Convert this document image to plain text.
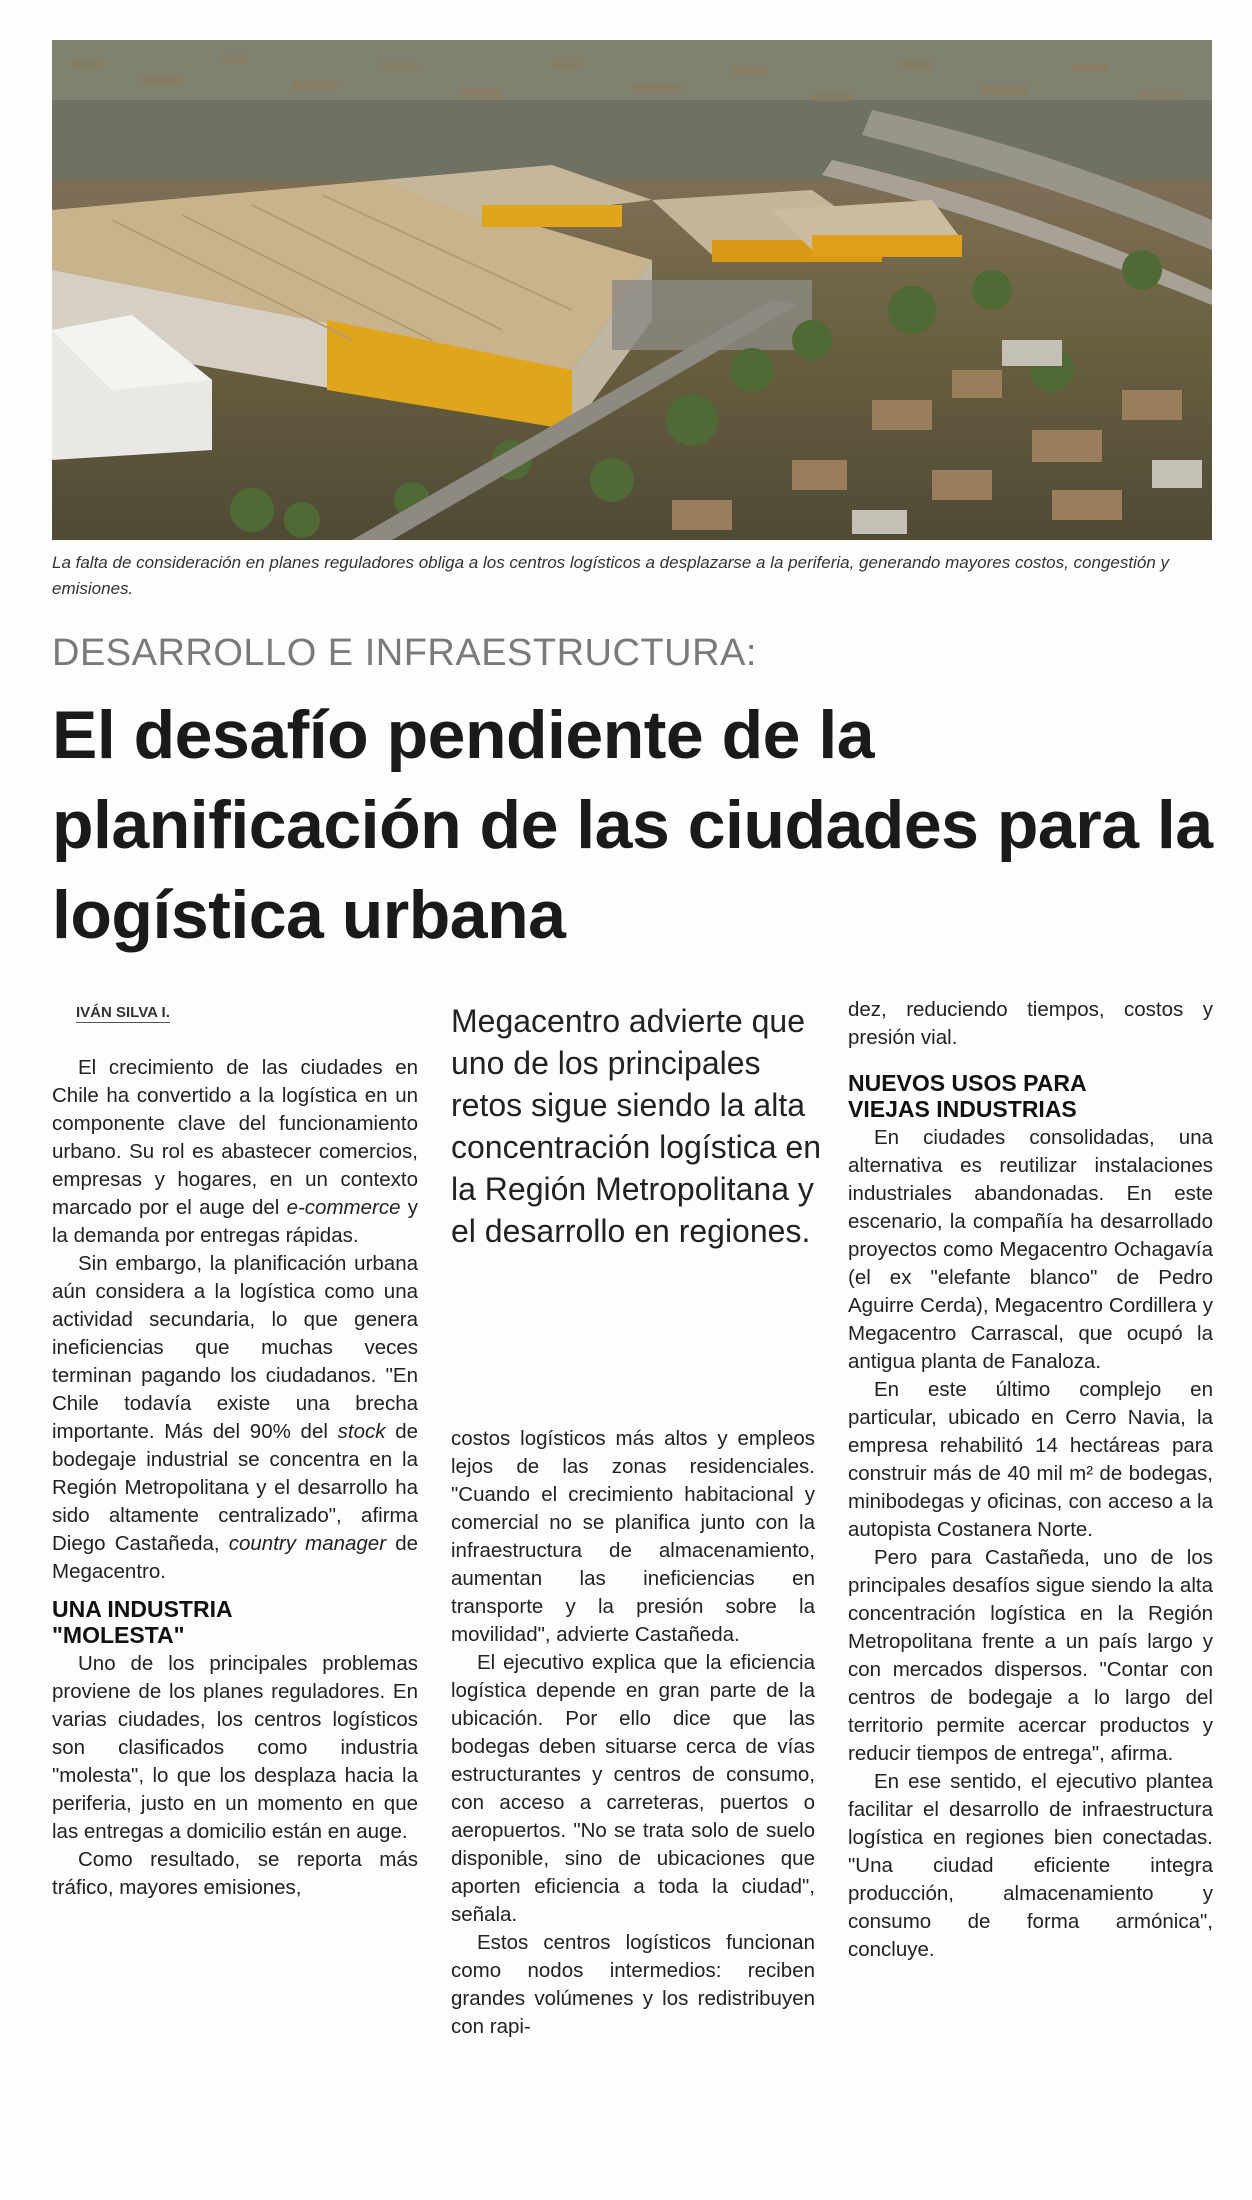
La falta de consideración en planes reguladores obliga a los centros logísticos a desplazarse a la periferia, generando mayores costos, congestión y emisiones.
DESARROLLO E INFRAESTRUCTURA:
El desafío pendiente de la planificación de las ciudades para la logística urbana
IVÁN SILVA I.

El crecimiento de las ciudades en Chile ha convertido a la logística en un componente clave del funcionamiento urbano. Su rol es abastecer comercios, empresas y hogares, en un contexto marcado por el auge del e-commerce y la demanda por entregas rápidas.

Sin embargo, la planificación urbana aún considera a la logística como una actividad secundaria, lo que genera ineficiencias que muchas veces terminan pagando los ciudadanos. "En Chile todavía existe una brecha importante. Más del 90% del stock de bodegaje industrial se concentra en la Región Metropolitana y el desarrollo ha sido altamente centralizado", afirma Diego Castañeda, country manager de Megacentro.

UNA INDUSTRIA "MOLESTA"

Uno de los principales problemas proviene de los planes reguladores. En varias ciudades, los centros logísticos son clasificados como industria "molesta", lo que los desplaza hacia la periferia, justo en un momento en que las entregas a domicilio están en auge.

Como resultado, se reporta más tráfico, mayores emisiones,

Megacentro advierte que uno de los principales retos sigue siendo la alta concentración logística en la Región Metropolitana y el desarrollo en regiones.

costos logísticos más altos y empleos lejos de las zonas residenciales. "Cuando el crecimiento habitacional y comercial no se planifica junto con la infraestructura de almacenamiento, aumentan las ineficiencias en transporte y la presión sobre la movilidad", advierte Castañeda.

El ejecutivo explica que la eficiencia logística depende en gran parte de la ubicación. Por ello dice que las bodegas deben situarse cerca de vías estructurantes y centros de consumo, con acceso a carreteras, puertos o aeropuertos. "No se trata solo de suelo disponible, sino de ubicaciones que aporten eficiencia a toda la ciudad", señala.

Estos centros logísticos funcionan como nodos intermedios: reciben grandes volúmenes y los redistribuyen con rapi-

dez, reduciendo tiempos, costos y presión vial.

NUEVOS USOS PARA VIEJAS INDUSTRIAS

En ciudades consolidadas, una alternativa es reutilizar instalaciones industriales abandonadas. En este escenario, la compañía ha desarrollado proyectos como Megacentro Ochagavía (el ex "elefante blanco" de Pedro Aguirre Cerda), Megacentro Cordillera y Megacentro Carrascal, que ocupó la antigua planta de Fanaloza.

En este último complejo en particular, ubicado en Cerro Navia, la empresa rehabilitó 14 hectáreas para construir más de 40 mil m² de bodegas, minibodegas y oficinas, con acceso a la autopista Costanera Norte.

Pero para Castañeda, uno de los principales desafíos sigue siendo la alta concentración logística en la Región Metropolitana frente a un país largo y con mercados dispersos. "Contar con centros de bodegaje a lo largo del territorio permite acercar productos y reducir tiempos de entrega", afirma.

En ese sentido, el ejecutivo plantea facilitar el desarrollo de infraestructura logística en regiones bien conectadas. "Una ciudad eficiente integra producción, almacenamiento y consumo de forma armónica", concluye.
